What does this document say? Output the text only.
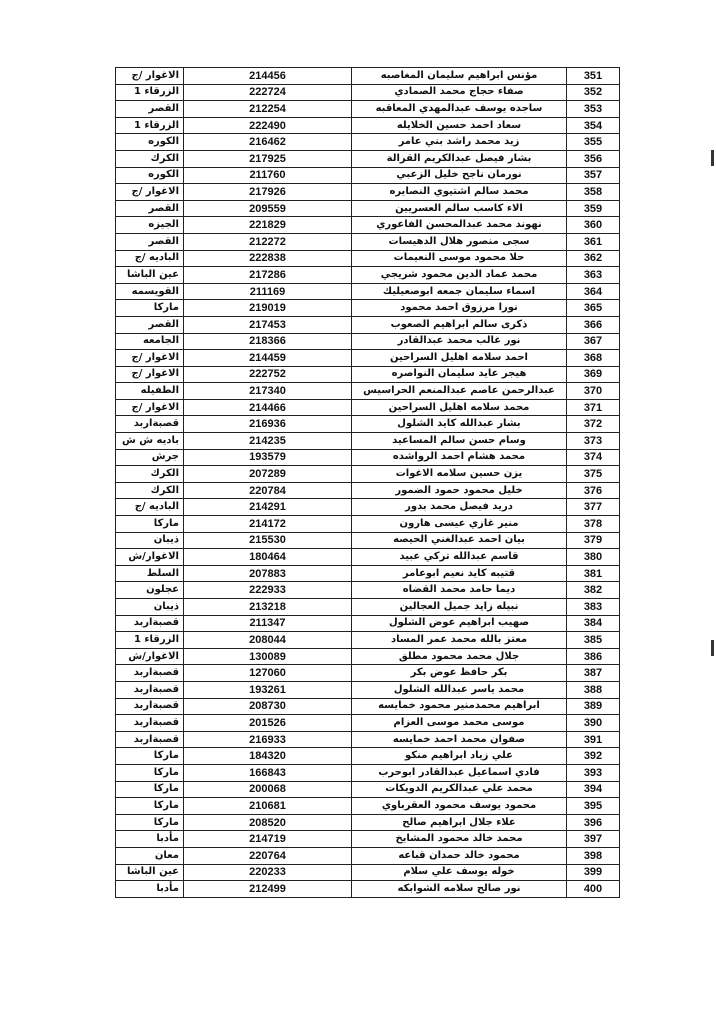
351	مؤنس ابراهيم سليمان المغاصبه	214456	الاغوار /ج
352	صفاء حجاج محمد الصمادي	222724	الزرقاء 1
353	ساجده يوسف عبدالمهدي المعاقبه	212254	القصر
354	سعاد احمد حسين الخلايله	222490	الزرقاء 1
355	زيد محمد راشد بني عامر	216462	الكوره
356	بشار فيصل عبدالكريم القرالة	217925	الكرك
357	نورمان ناجح خليل الزعبي	211760	الكوره
358	محمد سالم اشتيوي النصايره	217926	الاغوار /ج
359	الاء كاسب سالم العسريين	209559	القصر
360	نهوند محمد عبدالمحسن الفاعوري	221829	الجيزه
361	سجى منصور هلال الدهيسات	212272	القصر
362	حلا محمود موسى النعيمات	222838	الباديه /ج
363	محمد عماد الدين محمود شريجي	217286	عين الباشا
364	اسماء سليمان جمعه ابوصعيليك	211169	القويسمه
365	نورا مرزوق احمد محمود	219019	ماركا
366	ذكرى سالم ابراهيم الصعوب	217453	القصر
367	نور غالب محمد عبدالقادر	218366	الجامعه
368	احمد سلامه اهليل السراحين	214459	الاغوار /ج
369	هيجر عايد سليمان النواصره	222752	الاغوار /ج
370	عبدالرحمن عاصم عبدالمنعم الحراسيس	217340	الطفيله
371	محمد سلامه اهليل السراحين	214466	الاغوار /ج
372	بشار عبدالله كايد الشلول	216936	قصبةاربد
373	وسام حسن سالم المساعيد	214235	باديه ش ش
374	محمد هشام احمد الرواشده	193579	جرش
375	يزن حسين سلامه الاغوات	207289	الكرك
376	خليل محمود حمود الضمور	220784	الكرك
377	دريد فيصل محمد بدور	214291	الباديه /ج
378	منير غازي عيسى هارون	214172	ماركا
379	بيان احمد عبدالغني الحيصه	215530	ذيبان
380	قاسم عبدالله تركي عبيد	180464	الاغوار/ش
381	قتيبه كايد نعيم ابوعامر	207883	السلط
382	ديما حامد محمد القضاه	222933	عجلون
383	نبيله زايد جميل العجالين	213218	ذيبان
384	صهيب ابراهيم عوض الشلول	211347	قصبةاربد
385	معتز بالله محمد عمر المساد	208044	الزرقاء 1
386	جلال محمد محمود مطلق	130089	الاغوار/ش
387	بكر حافظ عوض بكر	127060	قصبةاربد
388	محمد ياسر عبدالله الشلول	193261	قصبةاربد
389	ابراهيم محمدمنير محمود خمايسه	208730	قصبةاربد
390	موسى محمد موسى العزام	201526	قصبةاربد
391	صفوان محمد احمد خمايسه	216933	قصبةاربد
392	علي زياد ابراهيم منكو	184320	ماركا
393	فادي اسماعيل عبدالقادر ابوحرب	166843	ماركا
394	محمد علي عبدالكريم الدويكات	200068	ماركا
395	محمود يوسف محمود العقرباوي	210681	ماركا
396	علاء جلال ابراهيم صالح	208520	ماركا
397	محمد خالد محمود المشايخ	214719	مأدبا
398	محمود خالد حمدان قباعه	220764	معان
399	خوله يوسف علي سلام	220233	عين الباشا
400	نور صالح سلامه الشوابكه	212499	مأدبا
